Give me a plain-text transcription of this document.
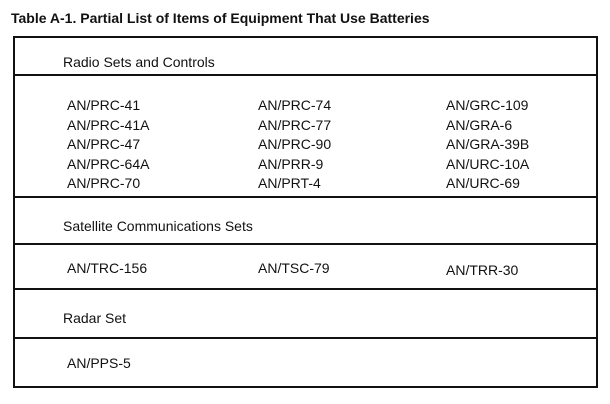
Table A-1. Partial List of Items of Equipment That Use Batteries
Radio Sets and Controls
AN/PRC-41
AN/PRC-41A
AN/PRC-47
AN/PRC-64A
AN/PRC-70
AN/PRC-74
AN/PRC-77
AN/PRC-90
AN/PRR-9
AN/PRT-4
AN/GRC-109
AN/GRA-6
AN/GRA-39B
AN/URC-10A
AN/URC-69
Satellite Communications Sets
AN/TRC-156	AN/TSC-79	AN/TRR-30
Radar Set
AN/PPS-5
